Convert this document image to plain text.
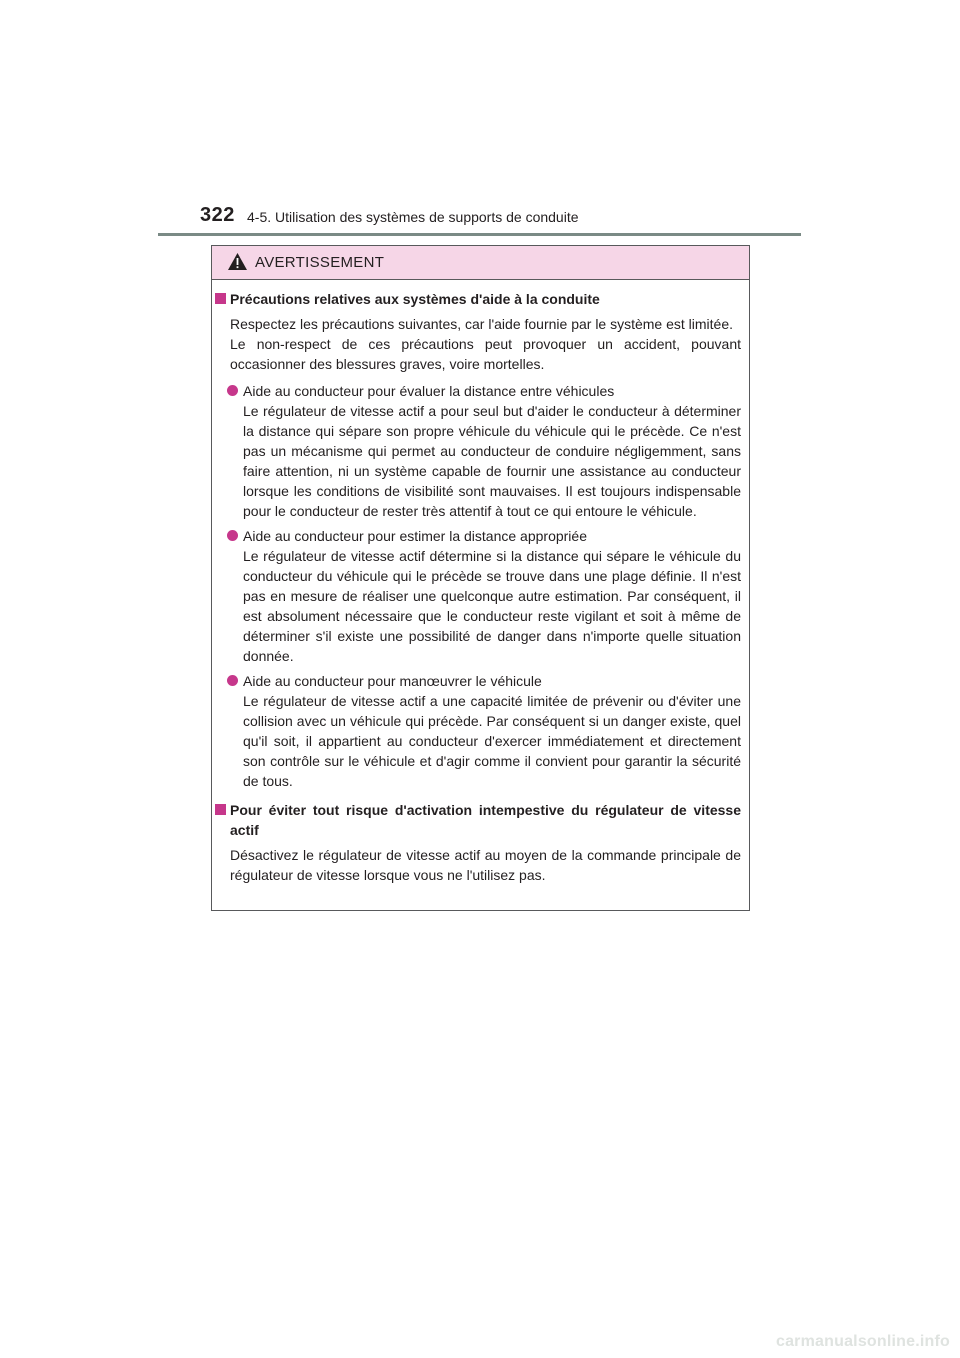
322 4-5. Utilisation des systèmes de supports de conduite
AVERTISSEMENT
Précautions relatives aux systèmes d'aide à la conduite
Respectez les précautions suivantes, car l'aide fournie par le système est limitée.
Le non-respect de ces précautions peut provoquer un accident, pouvant occasionner des blessures graves, voire mortelles.
Aide au conducteur pour évaluer la distance entre véhicules
Le régulateur de vitesse actif a pour seul but d'aider le conducteur à déterminer la distance qui sépare son propre véhicule du véhicule qui le précède. Ce n'est pas un mécanisme qui permet au conducteur de conduire négligemment, sans faire attention, ni un système capable de fournir une assistance au conducteur lorsque les conditions de visibilité sont mauvaises. Il est toujours indispensable pour le conducteur de rester très attentif à tout ce qui entoure le véhicule.
Aide au conducteur pour estimer la distance appropriée
Le régulateur de vitesse actif détermine si la distance qui sépare le véhicule du conducteur du véhicule qui le précède se trouve dans une plage définie. Il n'est pas en mesure de réaliser une quelconque autre estimation. Par conséquent, il est absolument nécessaire que le conducteur reste vigilant et soit à même de déterminer s'il existe une possibilité de danger dans n'importe quelle situation donnée.
Aide au conducteur pour manœuvrer le véhicule
Le régulateur de vitesse actif a une capacité limitée de prévenir ou d'éviter une collision avec un véhicule qui précède. Par conséquent si un danger existe, quel qu'il soit, il appartient au conducteur d'exercer immédiatement et directement son contrôle sur le véhicule et d'agir comme il convient pour garantir la sécurité de tous.
Pour éviter tout risque d'activation intempestive du régulateur de vitesse actif
Désactivez le régulateur de vitesse actif au moyen de la commande principale de régulateur de vitesse lorsque vous ne l'utilisez pas.
carmanualsonline.info
